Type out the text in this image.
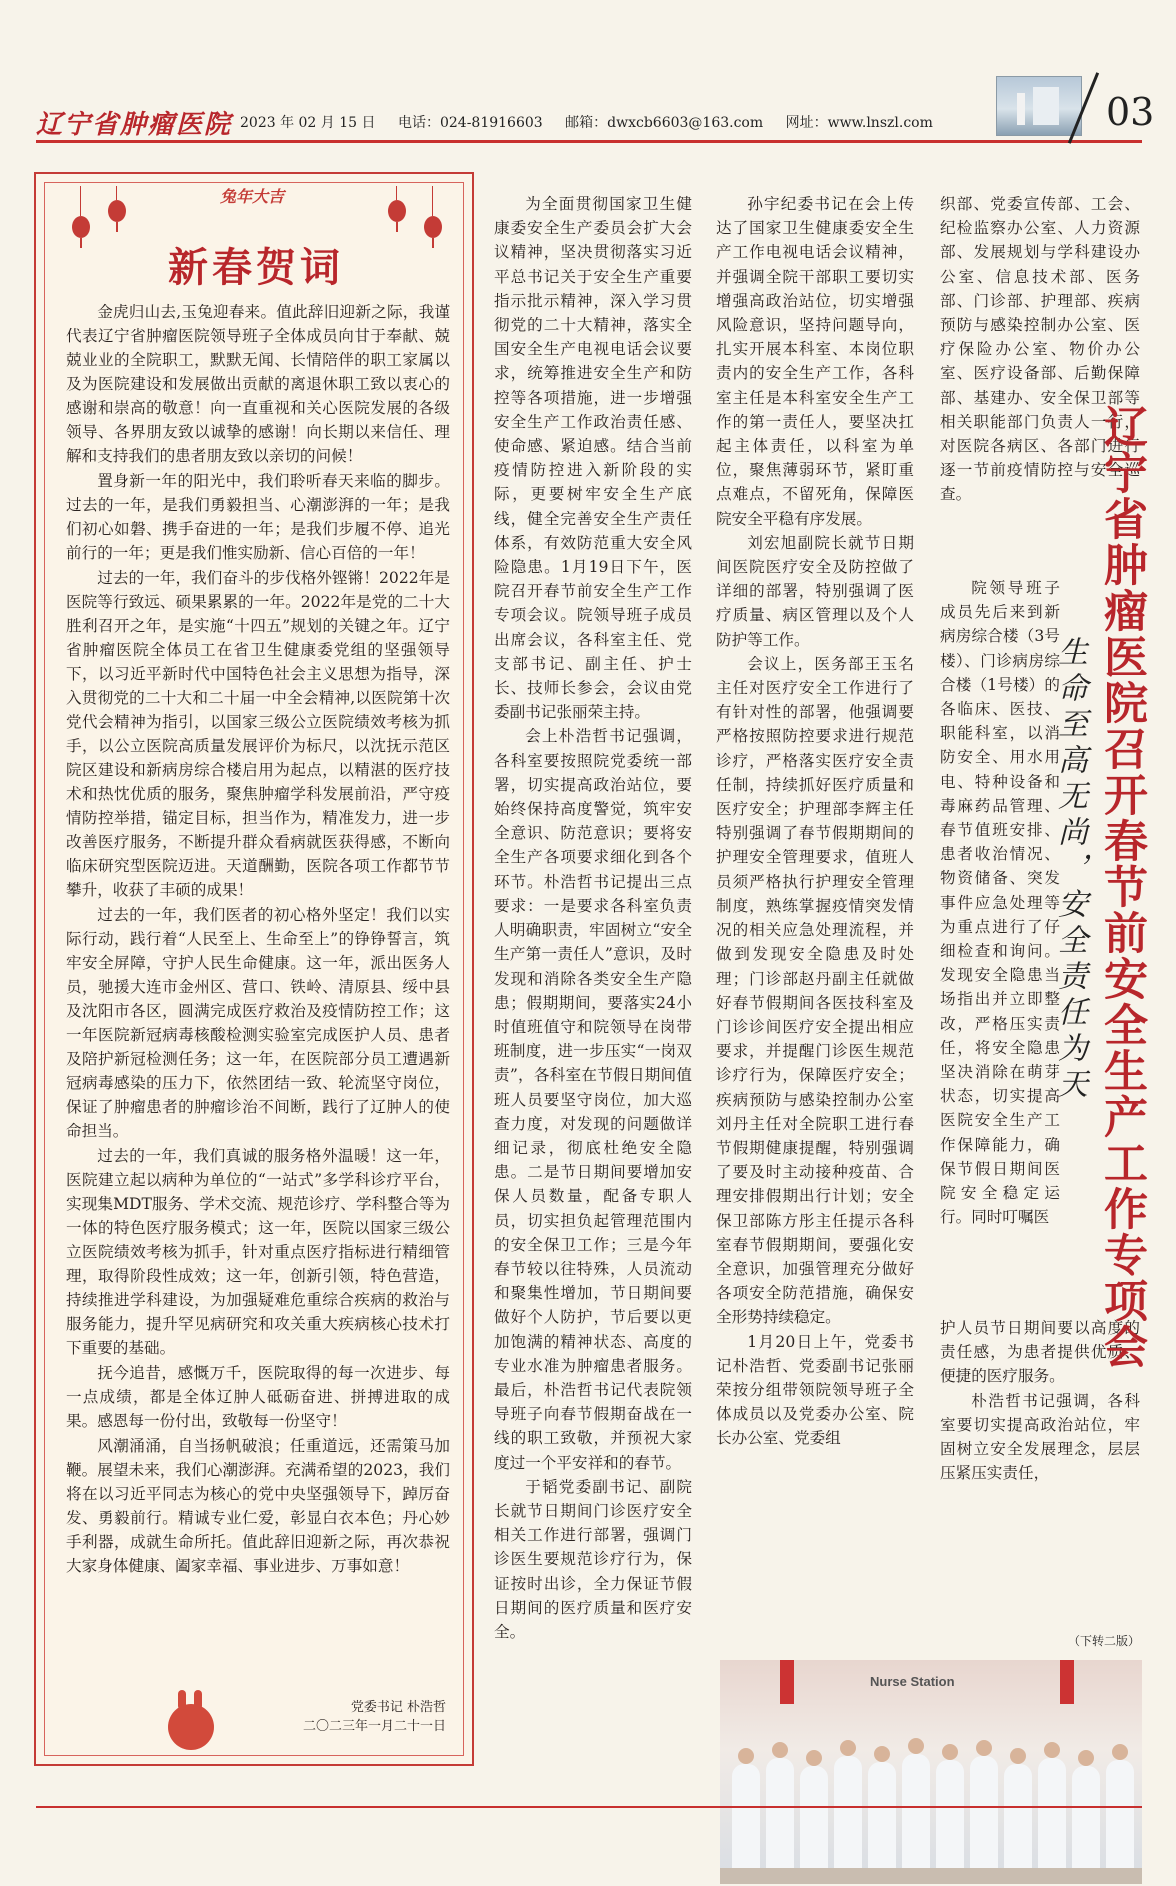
辽宁省肿瘤医院 2023 年 02 月 15 日 电话：024-81916603 邮箱：dwxcb6603@163.com 网址：www.lnszl.com	03
兔年大吉
新春贺词

金虎归山去,玉兔迎春来。值此辞旧迎新之际，我谨代表辽宁省肿瘤医院领导班子全体成员向甘于奉献、兢兢业业的全院职工，默默无闻、长情陪伴的职工家属以及为医院建设和发展做出贡献的离退休职工致以衷心的感谢和崇高的敬意！向一直重视和关心医院发展的各级领导、各界朋友致以诚挚的感谢！向长期以来信任、理解和支持我们的患者朋友致以亲切的问候！

置身新一年的阳光中，我们聆听春天来临的脚步。过去的一年，是我们勇毅担当、心潮澎湃的一年；是我们初心如磐、携手奋进的一年；是我们步履不停、追光前行的一年；更是我们惟实励新、信心百倍的一年！

过去的一年，我们奋斗的步伐格外铿锵！2022年是医院等行致远、硕果累累的一年。2022年是党的二十大胜利召开之年，是实施“十四五”规划的关键之年。辽宁省肿瘤医院全体员工在省卫生健康委党组的坚强领导下，以习近平新时代中国特色社会主义思想为指导，深入贯彻党的二十大和二十届一中全会精神,以医院第十次党代会精神为指引，以国家三级公立医院绩效考核为抓手，以公立医院高质量发展评价为标尺，以沈抚示范区院区建设和新病房综合楼启用为起点，以精湛的医疗技术和热忱优质的服务，聚焦肿瘤学科发展前沿，严守疫情防控举措，锚定目标，担当作为，精准发力，进一步改善医疗服务，不断提升群众看病就医获得感，不断向临床研究型医院迈进。天道酬勤，医院各项工作都节节攀升，收获了丰硕的成果！

过去的一年，我们医者的初心格外坚定！我们以实际行动，践行着“人民至上、生命至上”的铮铮誓言，筑牢安全屏障，守护人民生命健康。这一年，派出医务人员，驰援大连市金州区、营口、铁岭、清原县、绥中县及沈阳市各区，圆满完成医疗救治及疫情防控工作；这一年医院新冠病毒核酸检测实验室完成医护人员、患者及陪护新冠检测任务；这一年，在医院部分员工遭遇新冠病毒感染的压力下，依然团结一致、轮流坚守岗位，保证了肿瘤患者的肿瘤诊治不间断，践行了辽肿人的使命担当。

过去的一年，我们真诚的服务格外温暖！这一年，医院建立起以病种为单位的“一站式”多学科诊疗平台，实现集MDT服务、学术交流、规范诊疗、学科整合等为一体的特色医疗服务模式；这一年，医院以国家三级公立医院绩效考核为抓手，针对重点医疗指标进行精细管理，取得阶段性成效；这一年，创新引领，特色营造，持续推进学科建设，为加强疑难危重综合疾病的救治与服务能力，提升罕见病研究和攻关重大疾病核心技术打下重要的基础。

抚今追昔，感慨万千，医院取得的每一次进步、每一点成绩，都是全体辽肿人砥砺奋进、拼搏进取的成果。感恩每一份付出，致敬每一份坚守！

风潮涌涌，自当扬帆破浪；任重道远，还需策马加鞭。展望未来，我们心潮澎湃。充满希望的2023，我们将在以习近平同志为核心的党中央坚强领导下，踔厉奋发、勇毅前行。精诚专业仁爱，彰显白衣本色；丹心妙手利器，成就生命所托。值此辞旧迎新之际，再次恭祝大家身体健康、阖家幸福、事业进步、万事如意！

党委书记 朴浩哲
二〇二三年一月二十一日

为全面贯彻国家卫生健康委安全生产委员会扩大会议精神，坚决贯彻落实习近平总书记关于安全生产重要指示批示精神，深入学习贯彻党的二十大精神，落实全国安全生产电视电话会议要求，统筹推进安全生产和防控等各项措施，进一步增强安全生产工作政治责任感、使命感、紧迫感。结合当前疫情防控进入新阶段的实际，更要树牢安全生产底线，健全完善安全生产责任体系，有效防范重大安全风险隐患。1月19日下午，医院召开春节前安全生产工作专项会议。院领导班子成员出席会议，各科室主任、党支部书记、副主任、护士长、技师长参会，会议由党委副书记张丽荣主持。

会上朴浩哲书记强调，各科室要按照院党委统一部署，切实提高政治站位，要始终保持高度警觉，筑牢安全意识、防范意识；要将安全生产各项要求细化到各个环节。朴浩哲书记提出三点要求：一是要求各科室负责人明确职责，牢固树立“安全生产第一责任人”意识，及时发现和消除各类安全生产隐患；假期期间，要落实24小时值班值守和院领导在岗带班制度，进一步压实“一岗双责”，各科室在节假日期间值班人员要坚守岗位，加大巡查力度，对发现的问题做详细记录，彻底杜绝安全隐患。二是节日期间要增加安保人员数量，配备专职人员，切实担负起管理范围内的安全保卫工作；三是今年春节较以往特殊，人员流动和聚集性增加，节日期间要做好个人防护，节后要以更加饱满的精神状态、高度的专业水准为肿瘤患者服务。最后，朴浩哲书记代表院领导班子向春节假期奋战在一线的职工致敬，并预祝大家度过一个平安祥和的春节。

于韬党委副书记、副院长就节日期间门诊医疗安全相关工作进行部署，强调门诊医生要规范诊疗行为，保证按时出诊，全力保证节假日期间的医疗质量和医疗安全。

孙宇纪委书记在会上传达了国家卫生健康委安全生产工作电视电话会议精神，并强调全院干部职工要切实增强高政治站位，切实增强风险意识，坚持问题导向，扎实开展本科室、本岗位职责内的安全生产工作，各科室主任是本科室安全生产工作的第一责任人，要坚决扛起主体责任，以科室为单位，聚焦薄弱环节，紧盯重点难点，不留死角，保障医院安全平稳有序发展。

刘宏旭副院长就节日期间医院医疗安全及防控做了详细的部署，特别强调了医疗质量、病区管理以及个人防护等工作。

会议上，医务部王玉名主任对医疗安全工作进行了有针对性的部署，他强调要严格按照防控要求进行规范诊疗，严格落实医疗安全责任制，持续抓好医疗质量和医疗安全；护理部李辉主任特别强调了春节假期期间的护理安全管理要求，值班人员须严格执行护理安全管理制度，熟练掌握疫情突发情况的相关应急处理流程，并做到发现安全隐患及时处理；门诊部赵丹副主任就做好春节假期间各医技科室及门诊诊间医疗安全提出相应要求，并提醒门诊医生规范诊疗行为，保障医疗安全；疾病预防与感染控制办公室刘丹主任对全院职工进行春节假期健康提醒，特别强调了要及时主动接种疫苗、合理安排假期出行计划；安全保卫部陈方彤主任提示各科室春节假期期间，要强化安全意识，加强管理充分做好各项安全防范措施，确保安全形势持续稳定。

1月20日上午，党委书记朴浩哲、党委副书记张丽荣按分组带领院领导班子全体成员以及党委办公室、院长办公室、党委组

织部、党委宣传部、工会、纪检监察办公室、人力资源部、发展规划与学科建设办公室、信息技术部、医务部、门诊部、护理部、疾病预防与感染控制办公室、医疗保险办公室、物价办公室、医疗设备部、后勤保障部、基建办、安全保卫部等相关职能部门负责人一行，对医院各病区、各部门进行逐一节前疫情防控与安全巡查。

院领导班子成员先后来到新病房综合楼（3号楼）、门诊病房综合楼（1号楼）的各临床、医技、职能科室，以消防安全、用水用电、特种设备和毒麻药品管理、春节值班安排、患者收治情况、物资储备、突发事件应急处理等为重点进行了仔细检查和询问。发现安全隐患当场指出并立即整改，严格压实责任，将安全隐患坚决消除在萌芽状态，切实提高医院安全生产工作保障能力，确保节假日期间医院安全稳定运行。同时叮嘱医

护人员节日期间要以高度的责任感，为患者提供优质、便捷的医疗服务。

朴浩哲书记强调，各科室要切实提高政治站位，牢固树立安全发展理念，层层压紧压实责任，

辽宁省肿瘤医院召开春节前安全生产工作专项会
生命至高无尚，安全责任为天
（下转二版）
Nurse Station
